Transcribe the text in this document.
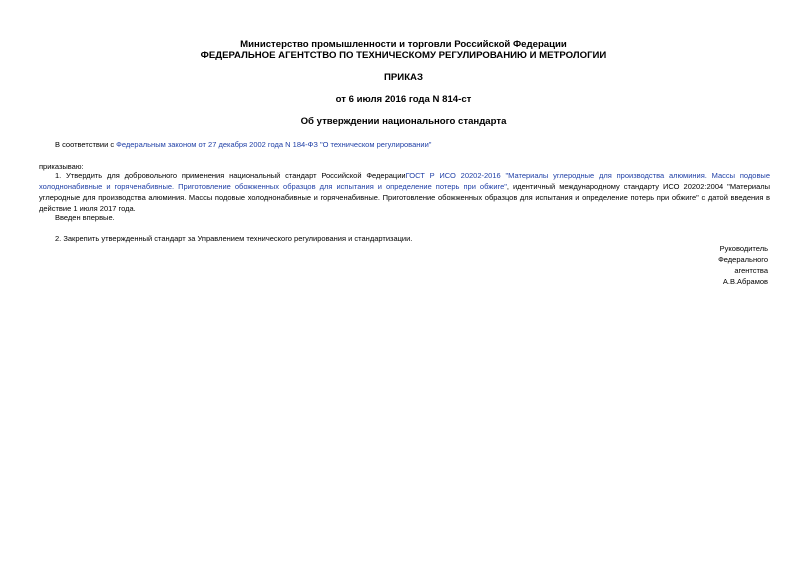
Министерство промышленности и торговли Российской Федерации
ФЕДЕРАЛЬНОЕ АГЕНТСТВО ПО ТЕХНИЧЕСКОМУ РЕГУЛИРОВАНИЮ И МЕТРОЛОГИИ
ПРИКАЗ
от 6 июля 2016 года N 814-ст
Об утверждении национального стандарта
В соответствии с Федеральным законом от 27 декабря 2002 года N 184-ФЗ "О техническом регулировании"
приказываю:
1. Утвердить для добровольного применения национальный стандарт Российской ФедерацииГОСТ Р ИСО 20202-2016 "Материалы углеродные для производства алюминия. Массы подовые холоднонабивные и горяченабивные. Приготовление обожженных образцов для испытания и определение потерь при обжиге", идентичный международному стандарту ИСО 20202:2004 "Материалы углеродные для производства алюминия. Массы подовые холоднонабивные и горяченабивные. Приготовление обожженных образцов для испытания и определение потерь при обжиге" с датой введения в действие 1 июля 2017 года.
Введен впервые.
2. Закрепить утвержденный стандарт за Управлением технического регулирования и стандартизации.
Руководитель
Федерального
агентства
А.В.Абрамов
